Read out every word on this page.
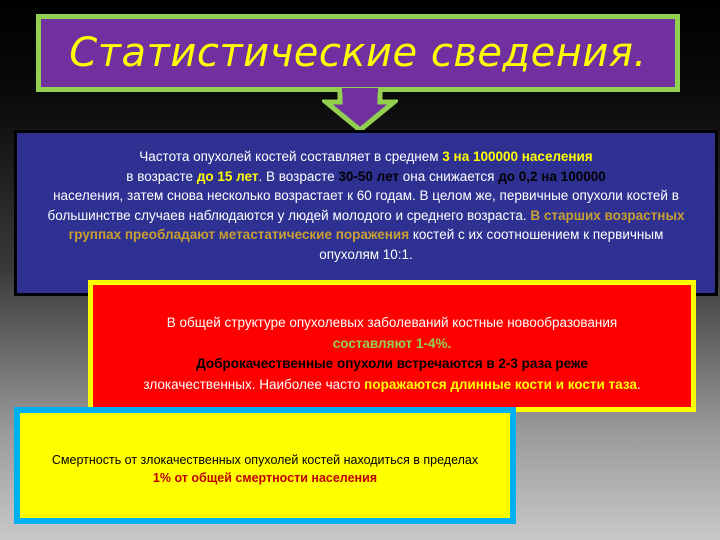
Статистические сведения.
Частота опухолей костей составляет в среднем 3 на 100000 населения
в возрасте до 15 лет. В возрасте 30-50 лет она снижается до 0,2 на 100000
населения, затем снова несколько возрастает к 60 годам. В целом же, первичные опухоли костей в большинстве случаев наблюдаются у людей молодого и среднего возраста. В старших возрастных группах преобладают метастатические поражения костей с их соотношением к первичным опухолям 10:1.
В общей структуре опухолевых заболеваний костные новообразования
составляют 1-4%.
Доброкачественные опухоли встречаются в 2-3 раза реже
злокачественных. Наиболее часто поражаются длинные кости и кости таза.
Смертность от злокачественных опухолей костей находиться в пределах 1% от общей смертности населения
